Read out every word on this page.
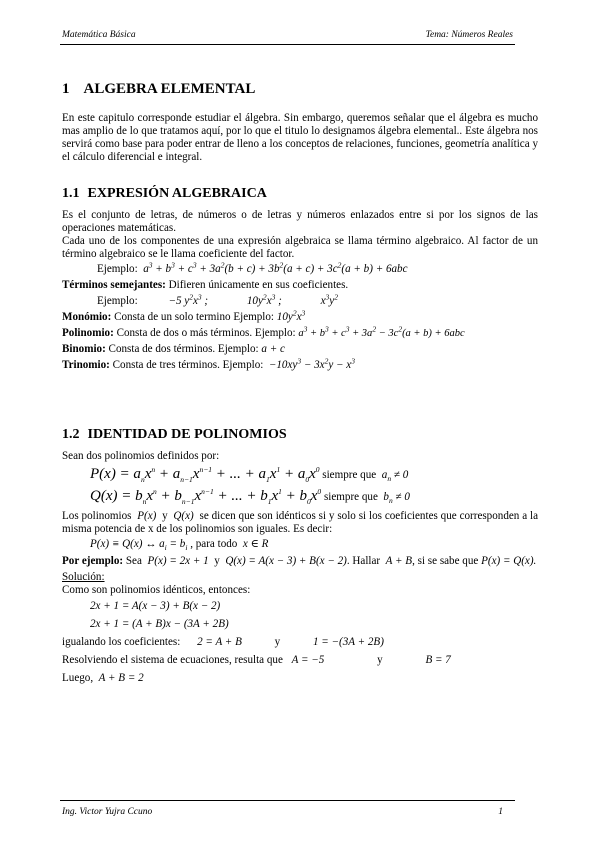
Matemática Básica	Tema: Números Reales
1 ALGEBRA ELEMENTAL

En este capitulo corresponde estudiar el álgebra. Sin embargo, queremos señalar que el álgebra es mucho mas amplio de lo que tratamos aquí, por lo que el titulo lo designamos álgebra elemental.. Este álgebra nos servirá como base para poder entrar de lleno a los conceptos de relaciones, funciones, geometría analítica y el cálculo diferencial e integral.

1.1 EXPRESIÓN ALGEBRAICA

Es el conjunto de letras, de números o de letras y números enlazados entre si por los signos de las operaciones matemáticas.

Cada uno de los componentes de una expresión algebraica se llama término algebraico. Al factor de un término algebraico se le llama coeficiente del factor.

Ejemplo: $a^3 + b^3 + c^3 + 3a^2(b + c) + 3b^2(a + c) + 3c^2(a + b) + 6abc$
Términos semejantes: Difieren únicamente en sus coeficientes.
Ejemplo:	−5 $y^2x^3$ ;	$10y^2x^3$ ;	$x^3y^2$
Monómio: Consta de un solo termino Ejemplo: $10y^2x^3$
Polinomio: Consta de dos o más términos. Ejemplo: $a^3 + b^3 + c^3 + 3a^2 - 3c^2(a + b) + 6abc$
Binomio: Consta de dos términos. Ejemplo: a + c
Trinomio: Consta de tres términos. Ejemplo:  $-10xy^3 - 3x^2y - x^3$
1.2 IDENTIDAD DE POLINOMIOS

Sean dos polinomios definidos por:

$P(x) = a_nx^n + a_{n-1}x^{n-1}$ + ... + $a_1x^1 + a_0x^0$ siempre que  $a_n \ne 0$
$Q(x) = b_nx^n + b_{n-1}x^{n-1}$ + ... + $b_1x^1 + b_0x^0$ siempre que  $b_n \ne 0$

Los polinomios  P(x)  y  Q(x)  se dicen que son idénticos si y solo si los coeficientes que corresponden a la misma potencia de x de los polinomios son iguales. Es decir:

P(x) ≡ Q(x) ↔ $a_i = b_i$ , para todo  x ∈ R

Por ejemplo: Sea  P(x) = 2x + 1  y  Q(x) = A(x − 3) + B(x − 2). Hallar  A + B, si se sabe que P(x) = Q(x).

Solución:

Como son polinomios idénticos, entonces:

2x + 1 = A(x − 3) + B(x − 2)
2x + 1 = (A + B)x − (3A + 2B)
igualando los coeficientes: 2 = A + B	y	1 = −(3A + 2B)
Resolviendo el sistema de ecuaciones, resulta que A = −5	y	B = 7
Luego,  A + B = 2
Ing. Victor Yujra Ccuno	1
